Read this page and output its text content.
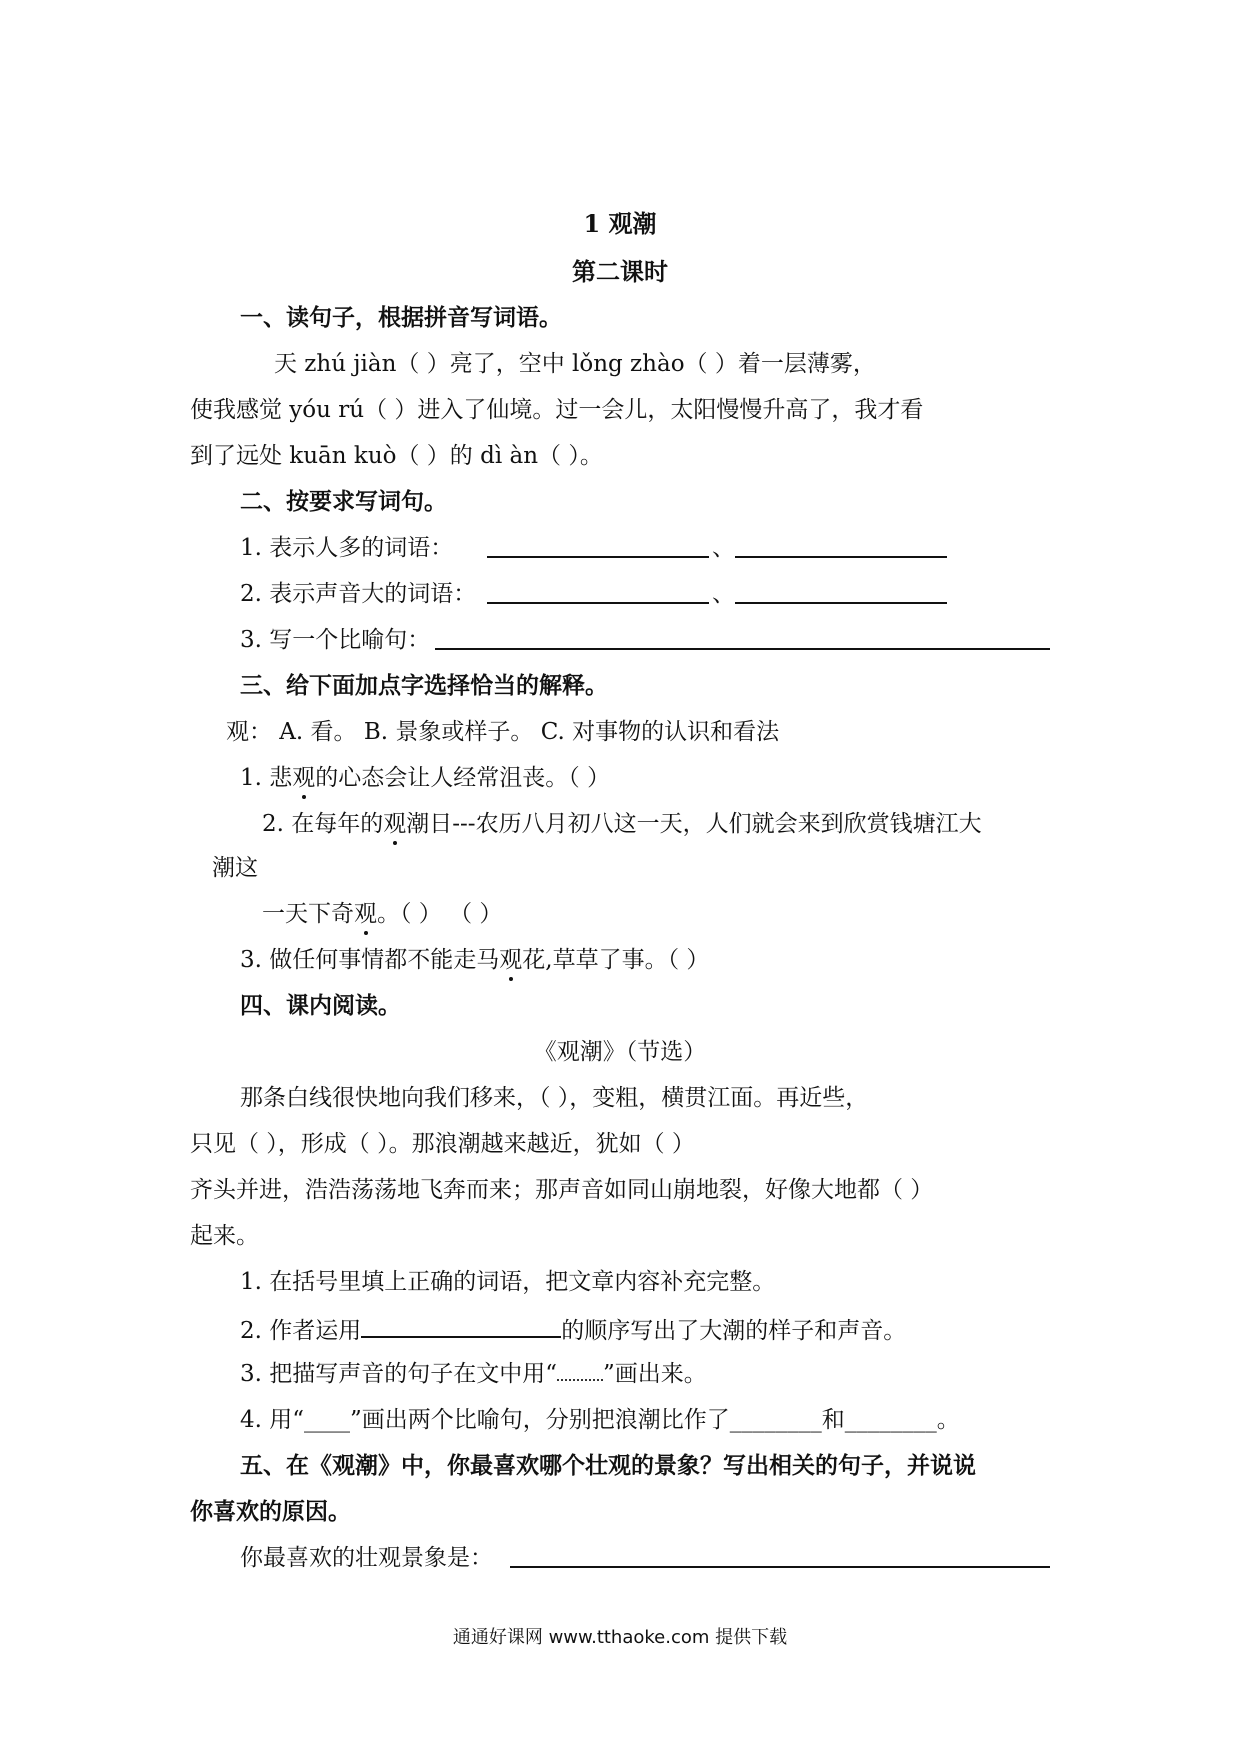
1 观潮
第二课时
一、读句子，根据拼音写词语。
天 zhú jiàn（ ）亮了，空中 lǒng zhào（ ）着一层薄雾，
使我感觉 yóu rú（ ）进入了仙境。过一会儿，太阳慢慢升高了，我才看
到了远处 kuān kuò（ ）的 dì àn（ ）。
二、按要求写词句。
1. 表示人多的词语：	、
2. 表示声音大的词语：	、
3. 写一个比喻句：
三、给下面加点字选择恰当的解释。
观： A. 看。 B. 景象或样子。 C. 对事物的认识和看法
1. 悲观的心态会让人经常沮丧。（ ）
2. 在每年的观潮日---农历八月初八这一天，人们就会来到欣赏钱塘江大
潮这
一天下奇观。（ ） （ ）
3. 做任何事情都不能走马观花,草草了事。（ ）
四、课内阅读。
《观潮》（节选）
那条白线很快地向我们移来，（ ），变粗，横贯江面。再近些，
只见（ ），形成（ ）。那浪潮越来越近，犹如（ ）
齐头并进，浩浩荡荡地飞奔而来；那声音如同山崩地裂，好像大地都（ ）
起来。
1. 在括号里填上正确的词语，把文章内容补充完整。
2. 作者运用	的顺序写出了大潮的样子和声音。
3. 把描写声音的句子在文中用“ ”画出来。
4. 用“____”画出两个比喻句，分别把浪潮比作了________和________。
五、在《观潮》中，你最喜欢哪个壮观的景象？写出相关的句子，并说说
你喜欢的原因。
你最喜欢的壮观景象是：
通通好课网 www.tthaoke.com 提供下载
